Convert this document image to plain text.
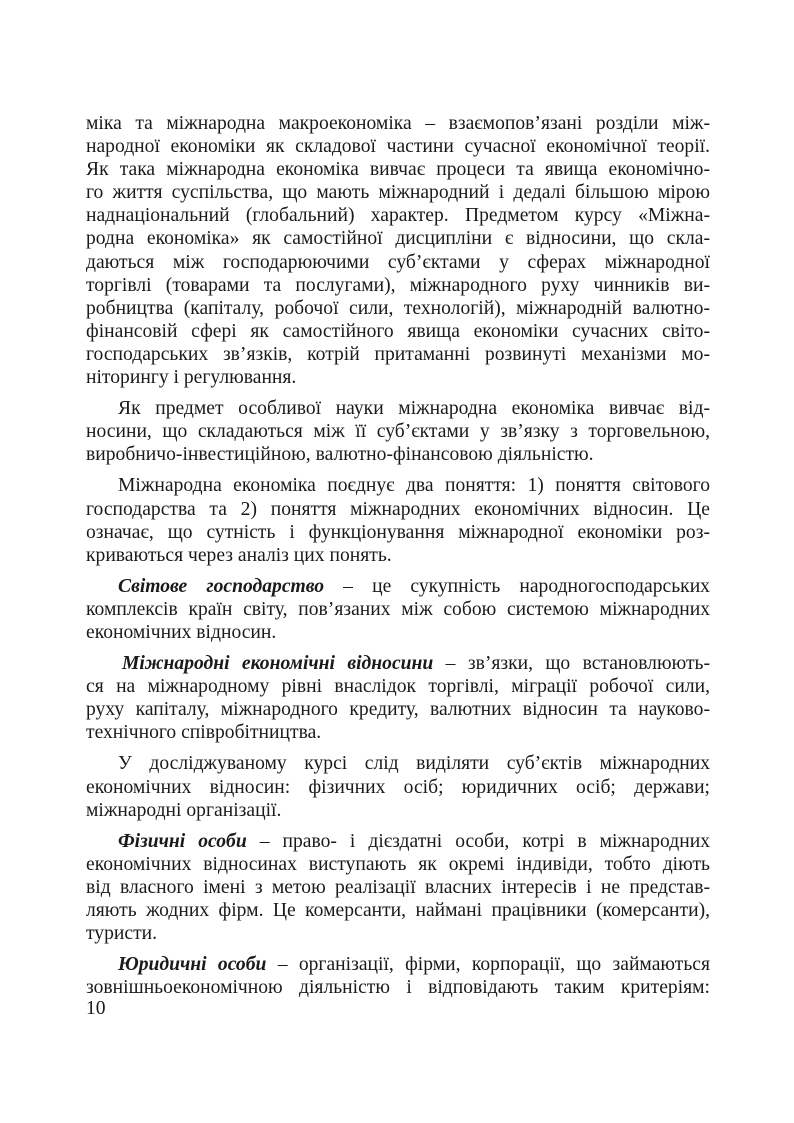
міка та міжнародна макроекономіка – взаємопов’язані розділи між-
народної економіки як складової частини сучасної економічної теорії.
Як така міжнародна економіка вивчає процеси та явища економічно-
го життя суспільства, що мають міжнародний і дедалі більшою мірою
наднаціональний (глобальний) характер. Предметом курсу «Міжна-
родна економіка» як самостійної дисципліни є відносини, що скла-
даються між господарюючими суб’єктами у сферах міжнародної
торгівлі (товарами та послугами), міжнародного руху чинників ви-
робництва (капіталу, робочої сили, технологій), міжнародній валютно-
фінансовій сфері як самостійного явища економіки сучасних світо-
господарських зв’язків, котрій притаманні розвинуті механізми мо-
ніторингу і регулювання.
Як предмет особливої науки міжнародна економіка вивчає від-
носини, що складаються між її суб’єктами у зв’язку з торговельною,
виробничо-інвестиційною, валютно-фінансовою діяльністю.
Міжнародна економіка поєднує два поняття: 1) поняття світового
господарства та 2) поняття міжнародних економічних відносин. Це
означає, що сутність і функціонування міжнародної економіки роз-
криваються через аналіз цих понять.
Світове господарство – це сукупність народногосподарських
комплексів країн світу, пов’язаних між собою системою міжнародних
економічних відносин.
Міжнародні економічні відносини – зв’язки, що встановлюють-
ся на міжнародному рівні внаслідок торгівлі, міграції робочої сили,
руху капіталу, міжнародного кредиту, валютних відносин та науково-
технічного співробітництва.
У досліджуваному курсі слід виділяти суб’єктів міжнародних
економічних відносин: фізичних осіб; юридичних осіб; держави;
міжнародні організації.
Фізичні особи – право- і дієздатні особи, котрі в міжнародних
економічних відносинах виступають як окремі індивіди, тобто діють
від власного імені з метою реалізації власних інтересів і не представ-
ляють жодних фірм. Це комерсанти, наймані працівники (комерсанти),
туристи.
Юридичні особи – організації, фірми, корпорації, що займаються
зовнішньоекономічною діяльністю і відповідають таким критеріям:
10
